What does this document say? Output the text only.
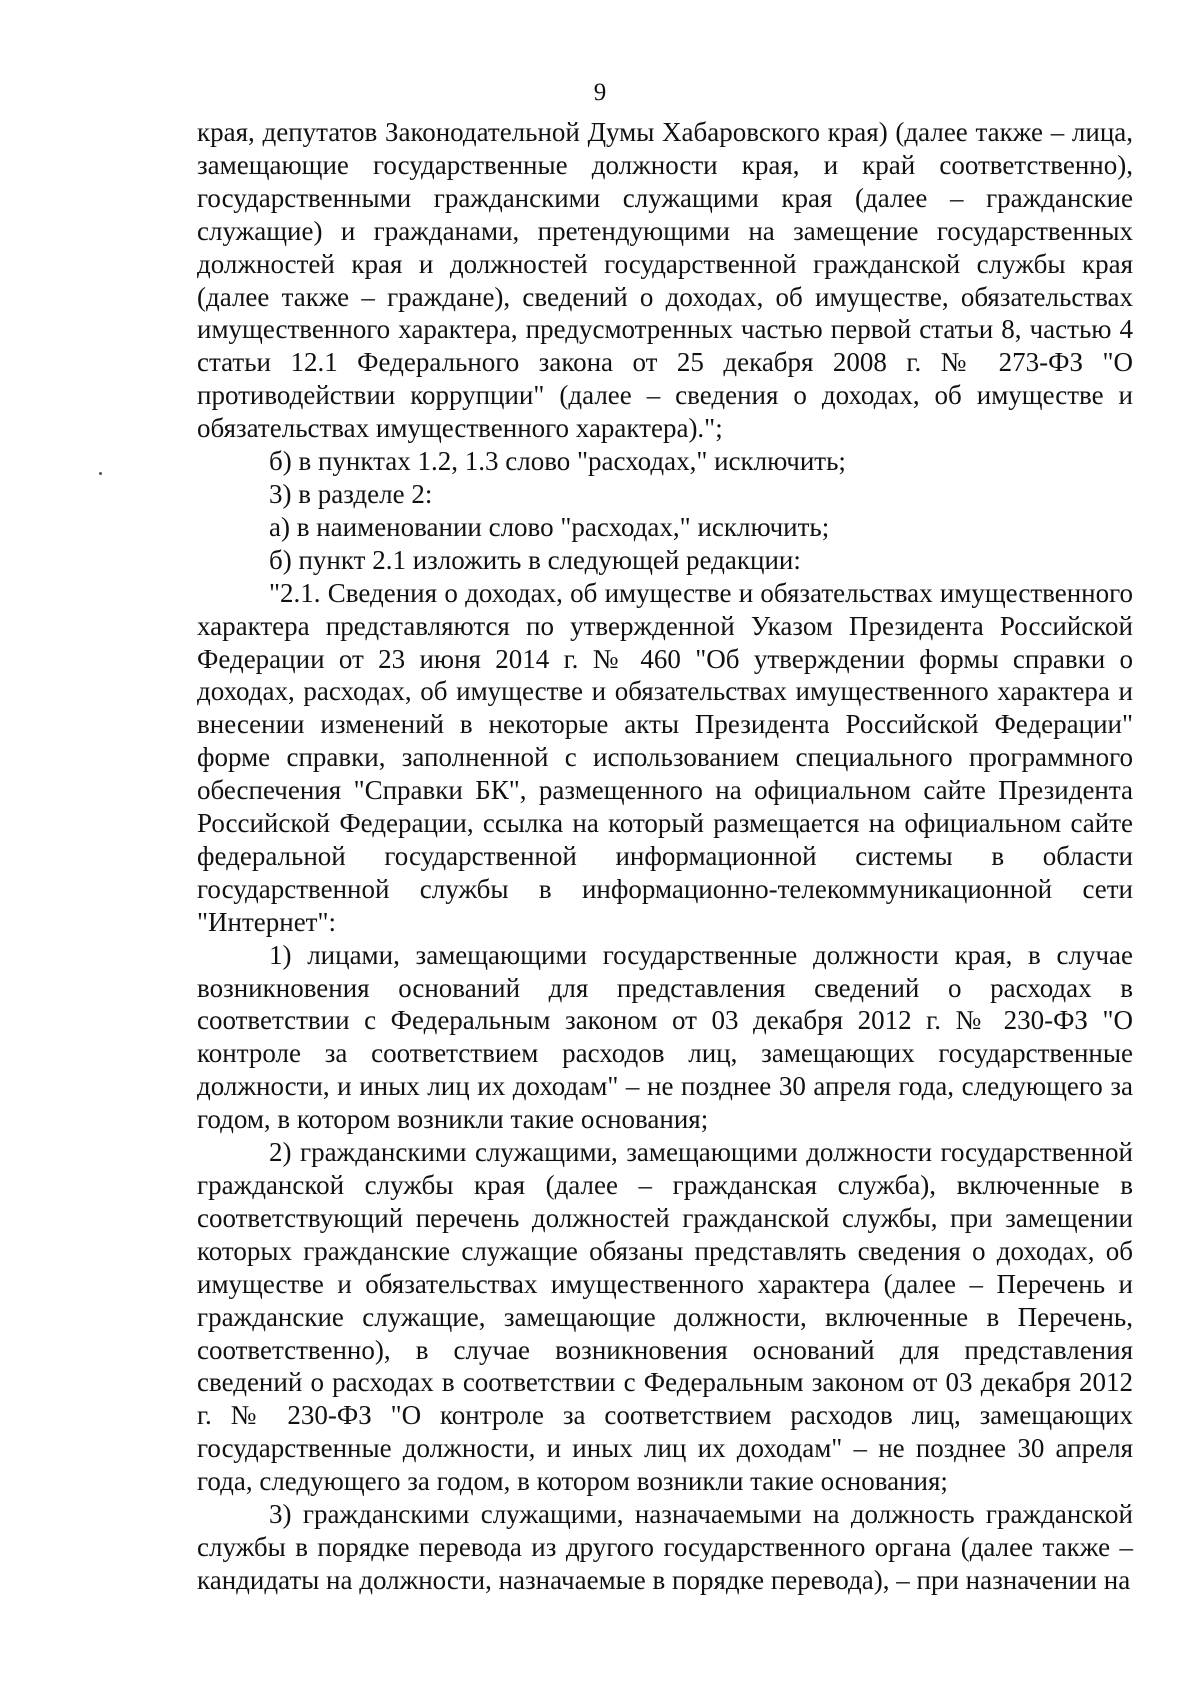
9

края, депутатов Законодательной Думы Хабаровского края) (далее также – лица, замещающие государственные должности края, и край соответственно), государственными гражданскими служащими края (далее – гражданские служащие) и гражданами, претендующими на замещение государственных должностей края и должностей государственной гражданской службы края (далее также – граждане), сведений о доходах, об имуществе, обязательствах имущественного характера, предусмотренных частью первой статьи 8, частью 4 статьи 12.1 Федерального закона от 25 декабря 2008 г. № 273-ФЗ "О противодействии коррупции" (далее – сведения о доходах, об имуществе и обязательствах имущественного характера).";

б) в пунктах 1.2, 1.3 слово "расходах," исключить;

3) в разделе 2:

а) в наименовании слово "расходах," исключить;

б) пункт 2.1 изложить в следующей редакции:

"2.1. Сведения о доходах, об имуществе и обязательствах имущественного характера представляются по утвержденной Указом Президента Российской Федерации от 23 июня 2014 г. № 460 "Об утверждении формы справки о доходах, расходах, об имуществе и обязательствах имущественного характера и внесении изменений в некоторые акты Президента Российской Федерации" форме справки, заполненной с использованием специального программного обеспечения "Справки БК", размещенного на официальном сайте Президента Российской Федерации, ссылка на который размещается на официальном сайте федеральной государственной информационной системы в области государственной службы в информационно-телекоммуникационной сети "Интернет":

1) лицами, замещающими государственные должности края, в случае возникновения оснований для представления сведений о расходах в соответствии с Федеральным законом от 03 декабря 2012 г. № 230-ФЗ "О контроле за соответствием расходов лиц, замещающих государственные должности, и иных лиц их доходам" – не позднее 30 апреля года, следующего за годом, в котором возникли такие основания;

2) гражданскими служащими, замещающими должности государственной гражданской службы края (далее – гражданская служба), включенные в соответствующий перечень должностей гражданской службы, при замещении которых гражданские служащие обязаны представлять сведения о доходах, об имуществе и обязательствах имущественного характера (далее – Перечень и гражданские служащие, замещающие должности, включенные в Перечень, соответственно), в случае возникновения оснований для представления сведений о расходах в соответствии с Федеральным законом от 03 декабря 2012 г. № 230-ФЗ "О контроле за соответствием расходов лиц, замещающих государственные должности, и иных лиц их доходам" – не позднее 30 апреля года, следующего за годом, в котором возникли такие основания;

3) гражданскими служащими, назначаемыми на должность гражданской службы в порядке перевода из другого государственного органа (далее также – кандидаты на должности, назначаемые в порядке перевода), – при назначении на
